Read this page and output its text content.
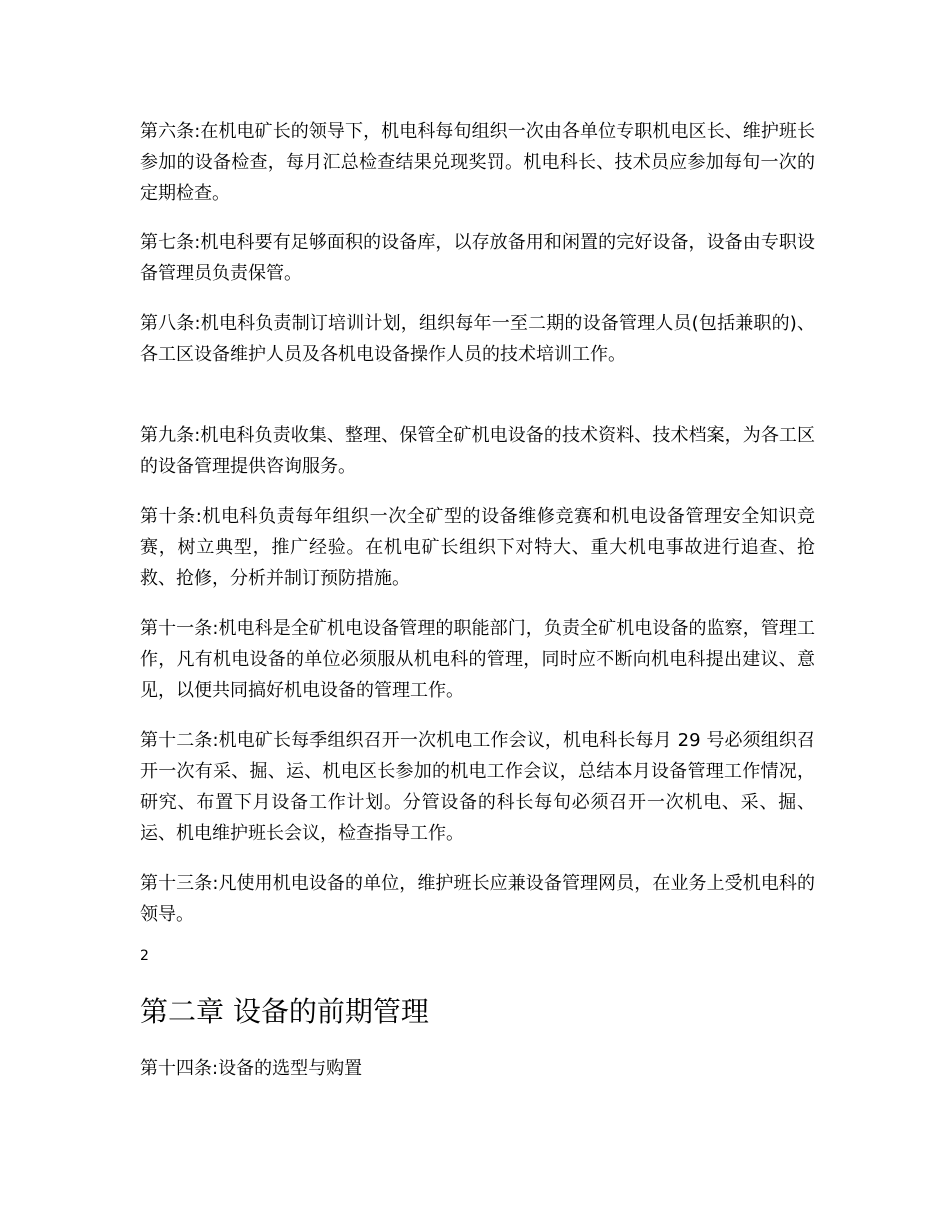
第六条:在机电矿长的领导下，机电科每旬组织一次由各单位专职机电区长、维护班长参加的设备检查，每月汇总检查结果兑现奖罚。机电科长、技术员应参加每旬一次的定期检查。

第七条:机电科要有足够面积的设备库，以存放备用和闲置的完好设备，设备由专职设备管理员负责保管。

第八条:机电科负责制订培训计划，组织每年一至二期的设备管理人员(包括兼职的)、各工区设备维护人员及各机电设备操作人员的技术培训工作。

第九条:机电科负责收集、整理、保管全矿机电设备的技术资料、技术档案，为各工区的设备管理提供咨询服务。

第十条:机电科负责每年组织一次全矿型的设备维修竞赛和机电设备管理安全知识竞赛，树立典型，推广经验。在机电矿长组织下对特大、重大机电事故进行追查、抢救、抢修，分析并制订预防措施。

第十一条:机电科是全矿机电设备管理的职能部门，负责全矿机电设备的监察，管理工作，凡有机电设备的单位必须服从机电科的管理，同时应不断向机电科提出建议、意见，以便共同搞好机电设备的管理工作。

第十二条:机电矿长每季组织召开一次机电工作会议，机电科长每月 29 号必须组织召开一次有采、掘、运、机电区长参加的机电工作会议，总结本月设备管理工作情况，研究、布置下月设备工作计划。分管设备的科长每旬必须召开一次机电、采、掘、运、机电维护班长会议，检查指导工作。

第十三条:凡使用机电设备的单位，维护班长应兼设备管理网员，在业务上受机电科的领导。

2

第二章 设备的前期管理

第十四条:设备的选型与购置
